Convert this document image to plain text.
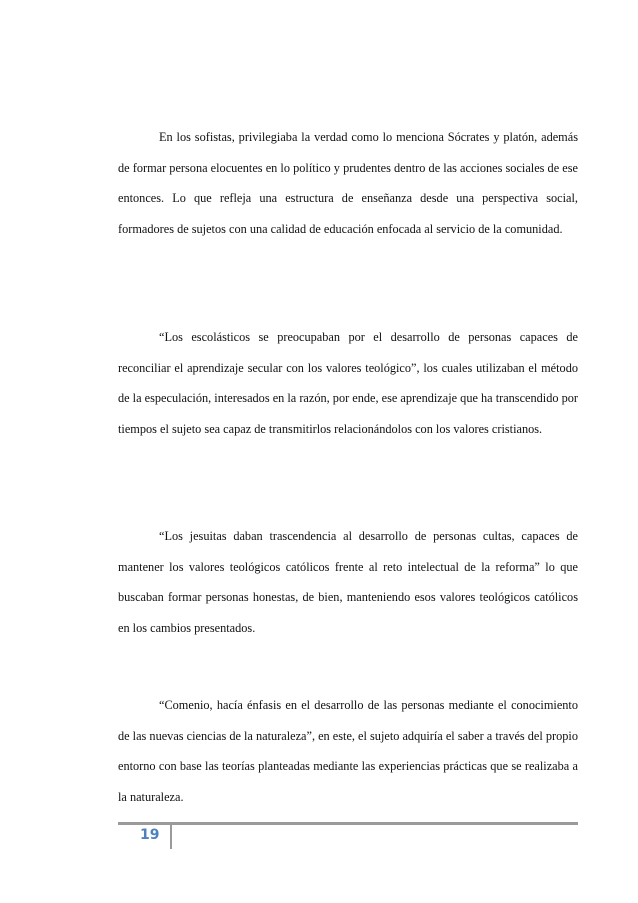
En los sofistas, privilegiaba la verdad como lo menciona Sócrates y platón, además de formar persona elocuentes en lo político y prudentes dentro de las acciones sociales de ese entonces. Lo que refleja una estructura de enseñanza desde una perspectiva social, formadores de sujetos con una calidad de educación enfocada al servicio de la comunidad.

“Los escolásticos se preocupaban por el desarrollo de personas capaces de reconciliar el aprendizaje secular con los valores teológico”, los cuales utilizaban el método de la especulación, interesados en la razón, por ende, ese aprendizaje que ha transcendido por tiempos el sujeto sea capaz de transmitirlos relacionándolos con los valores cristianos.

“Los jesuitas daban trascendencia al desarrollo de personas cultas, capaces de mantener los valores teológicos católicos frente al reto intelectual de la reforma” lo que buscaban formar personas honestas, de bien, manteniendo esos valores teológicos católicos en los cambios presentados.

“Comenio, hacía énfasis en el desarrollo de las personas mediante el conocimiento de las nuevas ciencias de la naturaleza”, en este, el sujeto adquiría el saber a través del propio entorno con base las teorías planteadas mediante las experiencias prácticas que se realizaba a la naturaleza.

19
